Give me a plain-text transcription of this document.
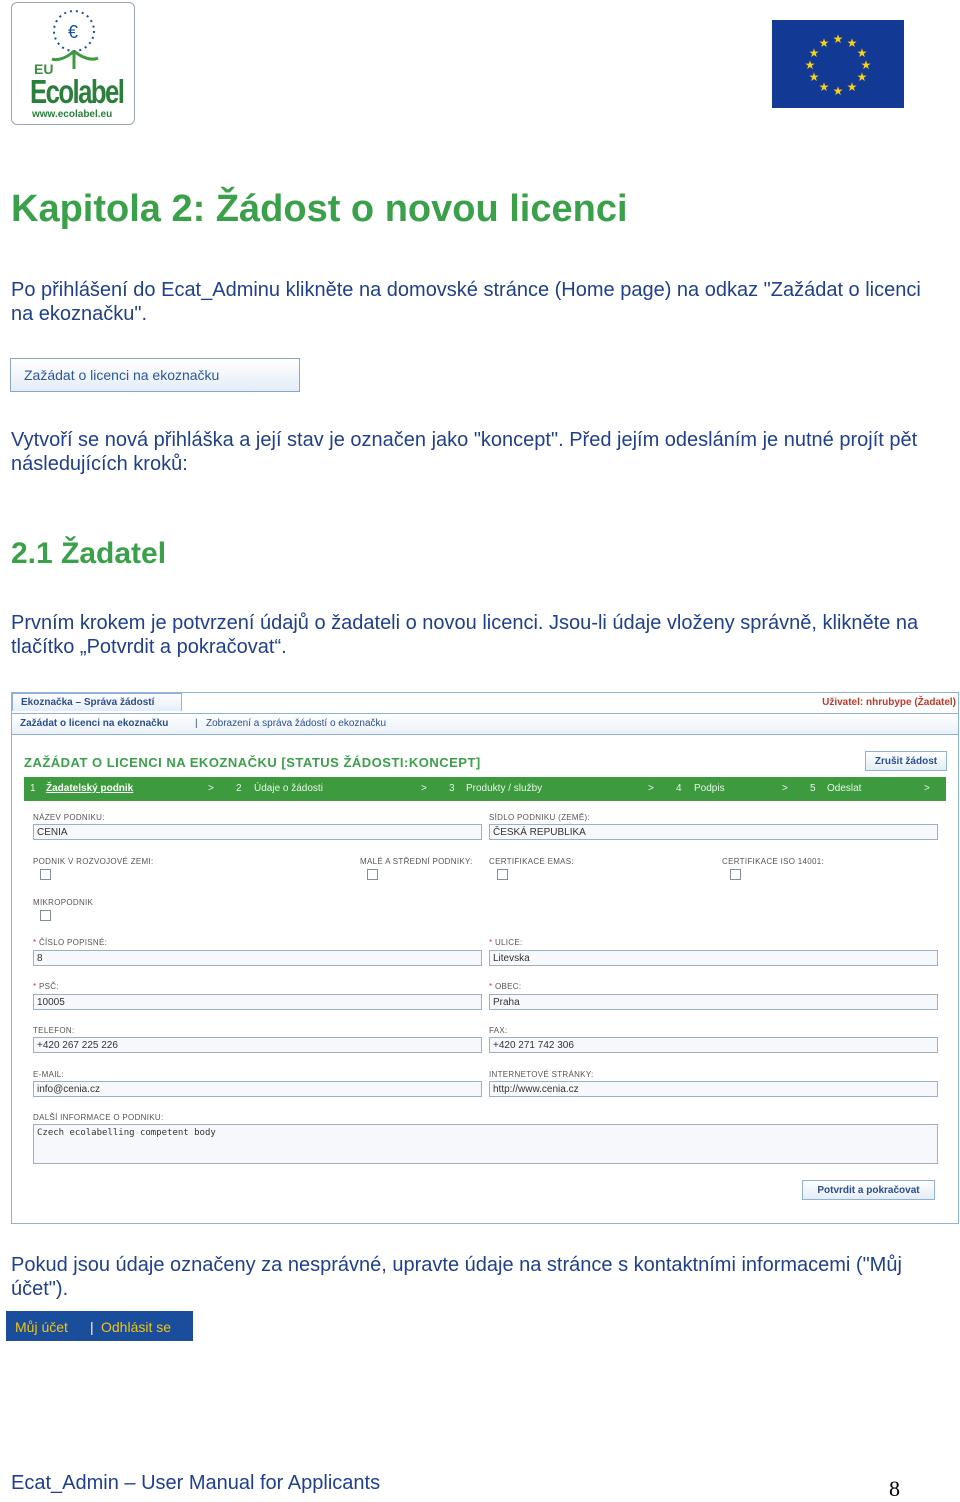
€
EU
Ecolabel
www.ecolabel.eu
★ ★
★
★
★
★
★
★
★
★
★
★
Kapitola 2: Žádost o novou licenci
Po přihlášení do Ecat_Adminu klikněte na domovské stránce (Home page) na odkaz "Zažádat o licenci na ekoznačku".
Zažádat o licenci na ekoznačku
Vytvoří se nová přihláška a její stav je označen jako "koncept". Před jejím odesláním je nutné projít pět následujících kroků:
2.1 Žadatel
Prvním krokem je potvrzení údajů o žadateli o novou licenci. Jsou-li údaje vloženy správně, klikněte na tlačítko „Potvrdit a pokračovat“.
Ekoznačka – Správa žádostí	Uživatel: nhrubype (Žadatel)
Zažádat o licenci na ekoznačku	| Zobrazení a správa žádostí o ekoznačku
ZAŽÁDAT O LICENCI NA EKOZNAČKU [STATUS ŽÁDOSTI:KONCEPT]	Zrušit žádost
1 Žadatelský podnik	> 2 Údaje o žádosti	> 3 Produkty / služby	> 4 Podpis	> 5 Odeslat	>
NÁZEV PODNIKU:
CENIA
SÍDLO PODNIKU (ZEMĚ):
ČESKÁ REPUBLIKA
PODNIK V ROZVOJOVÉ ZEMI:	MALÉ A STŘEDNÍ PODNIKY: CERTIFIKACE EMAS:	CERTIFIKACE ISO 14001:
MIKROPODNIK
* ČÍSLO POPISNÉ:
8
* ULICE:
Litevska
* PSČ:
10005
* OBEC:
Praha
TELEFON:
+420 267 225 226
FAX:
+420 271 742 306
E-MAIL:
info@cenia.cz
INTERNETOVÉ STRÁNKY:
http://www.cenia.cz
DALŠÍ INFORMACE O PODNIKU:
Czech ecolabelling competent body
Potvrdit a pokračovat
Pokud jsou údaje označeny za nesprávné, upravte údaje na stránce s kontaktními informacemi ("Můj účet").
Můj účet | Odhlásit se
Ecat_Admin – User Manual for Applicants	8
